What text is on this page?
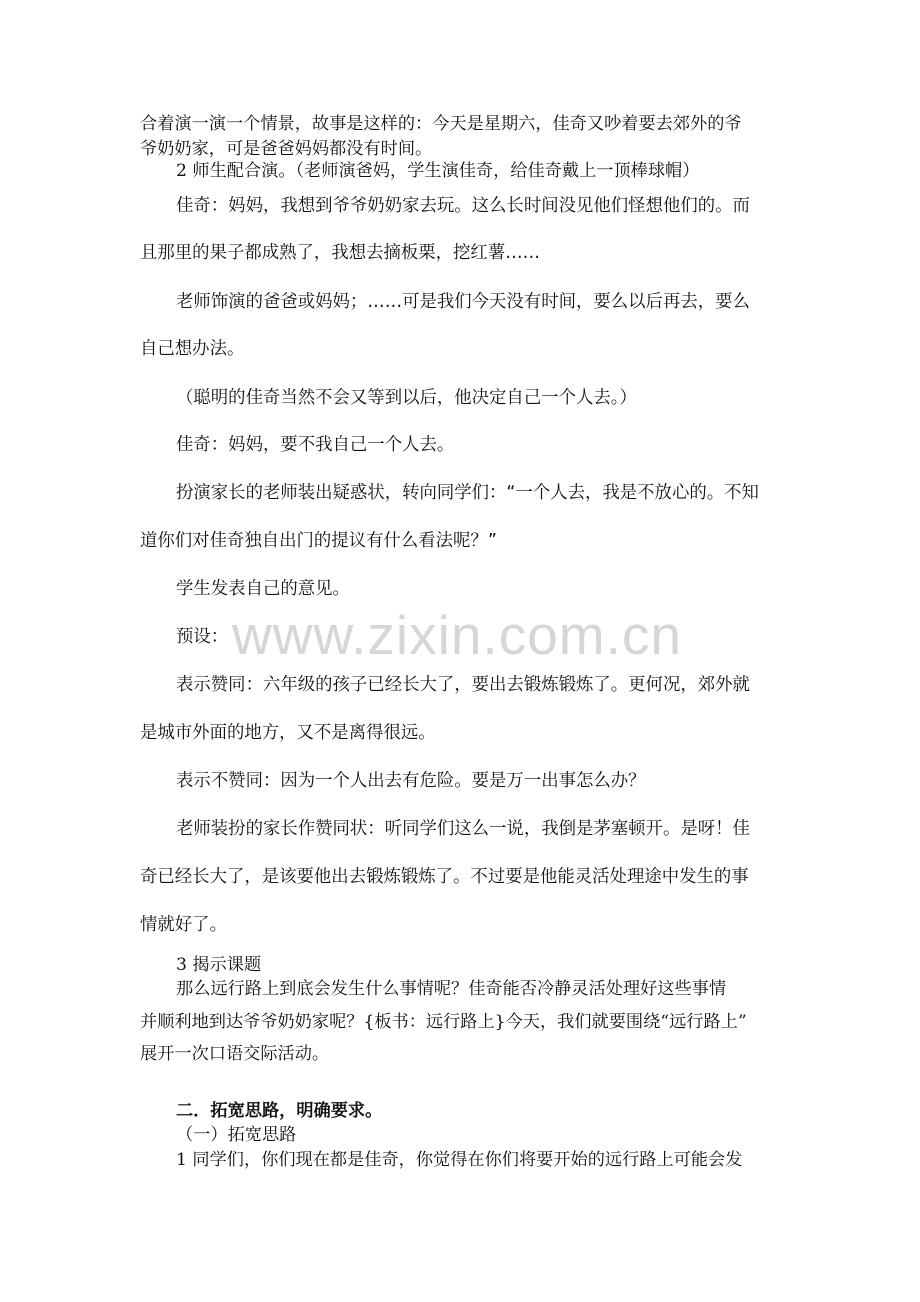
www.zixin.com.cn
合着演一演一个情景，故事是这样的：今天是星期六，佳奇又吵着要去郊外的爷
爷奶奶家，可是爸爸妈妈都没有时间。
2 师生配合演。（老师演爸妈，学生演佳奇，给佳奇戴上一顶棒球帽）
佳奇：妈妈，我想到爷爷奶奶家去玩。这么长时间没见他们怪想他们的。而
且那里的果子都成熟了，我想去摘板栗，挖红薯……
老师饰演的爸爸或妈妈；……可是我们今天没有时间，要么以后再去，要么
自己想办法。
（聪明的佳奇当然不会又等到以后，他决定自己一个人去。）
佳奇：妈妈，要不我自己一个人去。
扮演家长的老师装出疑惑状，转向同学们：“一个人去，我是不放心的。不知
道你们对佳奇独自出门的提议有什么看法呢？”
学生发表自己的意见。
预设：
表示赞同：六年级的孩子已经长大了，要出去锻炼锻炼了。更何况，郊外就
是城市外面的地方，又不是离得很远。
表示不赞同：因为一个人出去有危险。要是万一出事怎么办？
老师装扮的家长作赞同状：听同学们这么一说，我倒是茅塞顿开。是呀！佳
奇已经长大了，是该要他出去锻炼锻炼了。不过要是他能灵活处理途中发生的事
情就好了。
3 揭示课题
那么远行路上到底会发生什么事情呢？佳奇能否冷静灵活处理好这些事情
并顺利地到达爷爷奶奶家呢？{板书：远行路上}今天，我们就要围绕“远行路上”
展开一次口语交际活动。
二．拓宽思路，明确要求。
（一）拓宽思路
1 同学们，你们现在都是佳奇，你觉得在你们将要开始的远行路上可能会发
